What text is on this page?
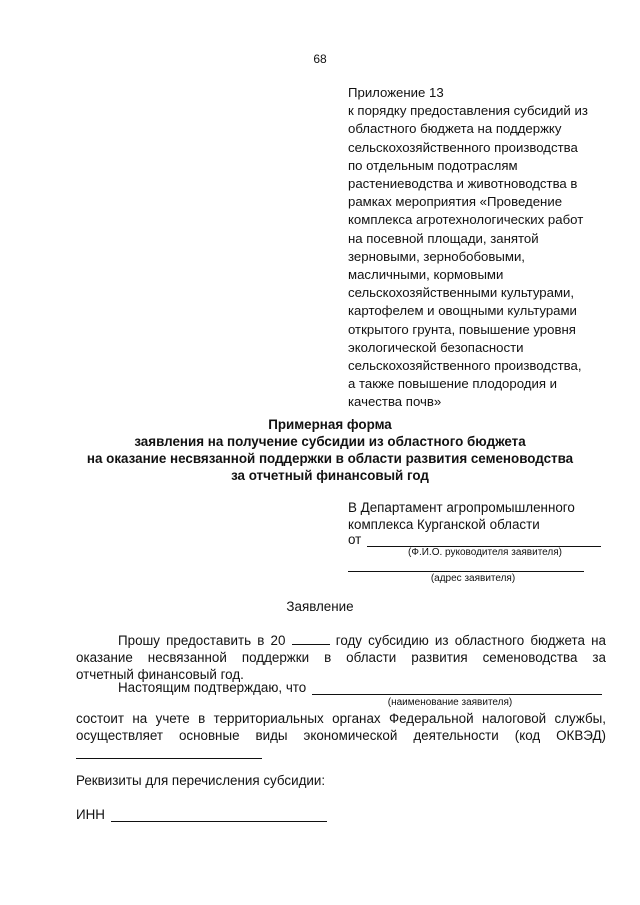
68
Приложение 13
к порядку предоставления субсидий из
областного бюджета на поддержку
сельскохозяйственного производства
по отдельным подотраслям
растениеводства и животноводства в
рамках мероприятия «Проведение
комплекса агротехнологических работ
на посевной площади, занятой
зерновыми, зернобобовыми,
масличными, кормовыми
сельскохозяйственными культурами,
картофелем и овощными культурами
открытого грунта, повышение уровня
экологической безопасности
сельскохозяйственного производства,
а также повышение плодородия и
качества почв»
Примерная форма
заявления на получение субсидии из областного бюджета
на оказание несвязанной поддержки в области развития семеноводства
за отчетный финансовый год
В Департамент агропромышленного
комплекса Курганской области
от
(Ф.И.О. руководителя заявителя)
(адрес заявителя)
Заявление
Прошу предоставить в 20	году субсидию из областного бюджета на
оказание несвязанной поддержки в области развития семеноводства за
отчетный финансовый год.
Настоящим подтверждаю, что
(наименование заявителя)
состоит на учете в территориальных органах Федеральной налоговой службы,
осуществляет основные виды экономической деятельности (код ОКВЭД)
Реквизиты для перечисления субсидии:
ИНН
